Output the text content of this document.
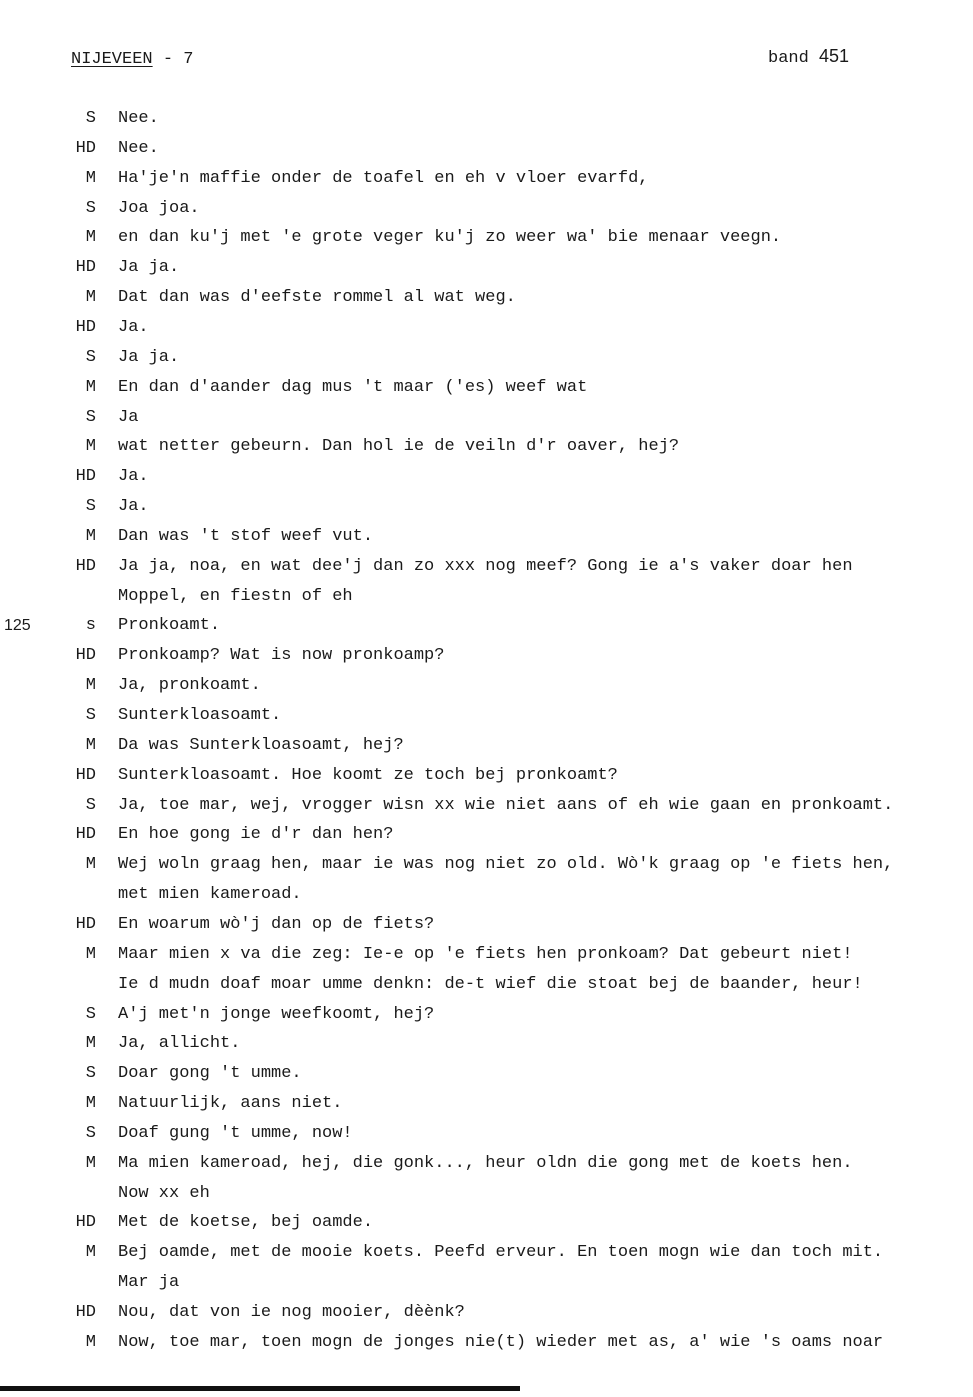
NIJEVEEN - 7	band 451
S Nee.
HD Nee.
M Ha'je'n maffie onder de toafel en eh v vloer evarfd,
S Joa joa.
M en dan ku'j met 'e grote veger ku'j zo weer wa' bie menaar veegn.
HD Ja ja.
M Dat dan was d'eefste rommel al wat weg.
HD Ja.
S Ja ja.
M En dan d'aander dag mus 't maar ('es) weef wat
S Ja
M wat netter gebeurn. Dan hol ie de veiln d'r oaver, hej?
HD Ja.
S Ja.
M Dan was 't stof weef vut.
HD Ja ja, noa, en wat dee'j dan zo xxx nog meef? Gong ie a's vaker doar hen
Moppel, en fiestn of eh
125	s Pronkoamt.
HD Pronkoamp? Wat is now pronkoamp?
M Ja, pronkoamt.
S Sunterkloasoamt.
M Da was Sunterkloasoamt, hej?
HD Sunterkloasoamt. Hoe koomt ze toch bej pronkoamt?
S Ja, toe mar, wej, vrogger wisn xx wie niet aans of eh wie gaan en pronkoamt.
HD En hoe gong ie d'r dan hen?
M Wej woln graag hen, maar ie was nog niet zo old. Wò'k graag op 'e fiets hen,
met mien kameroad.
HD En woarum wò'j dan op de fiets?
M Maar mien x va die zeg: Ie-e op 'e fiets hen pronkoam? Dat gebeurt niet!
Ie d mudn doaf moar umme denkn: de-t wief die stoat bej de baander, heur!
S A'j met'n jonge weefkoomt, hej?
M Ja, allicht.
S Doar gong 't umme.
M Natuurlijk, aans niet.
S Doaf gung 't umme, now!
M Ma mien kameroad, hej, die gonk..., heur oldn die gong met de koets hen.
Now xx eh
HD Met de koetse, bej oamde.
M Bej oamde, met de mooie koets. Peefd erveur. En toen mogn wie dan toch mit.
Mar ja
HD Nou, dat von ie nog mooier, dèènk?
M Now, toe mar, toen mogn de jonges nie(t) wieder met as, a' wie 's oams noar
